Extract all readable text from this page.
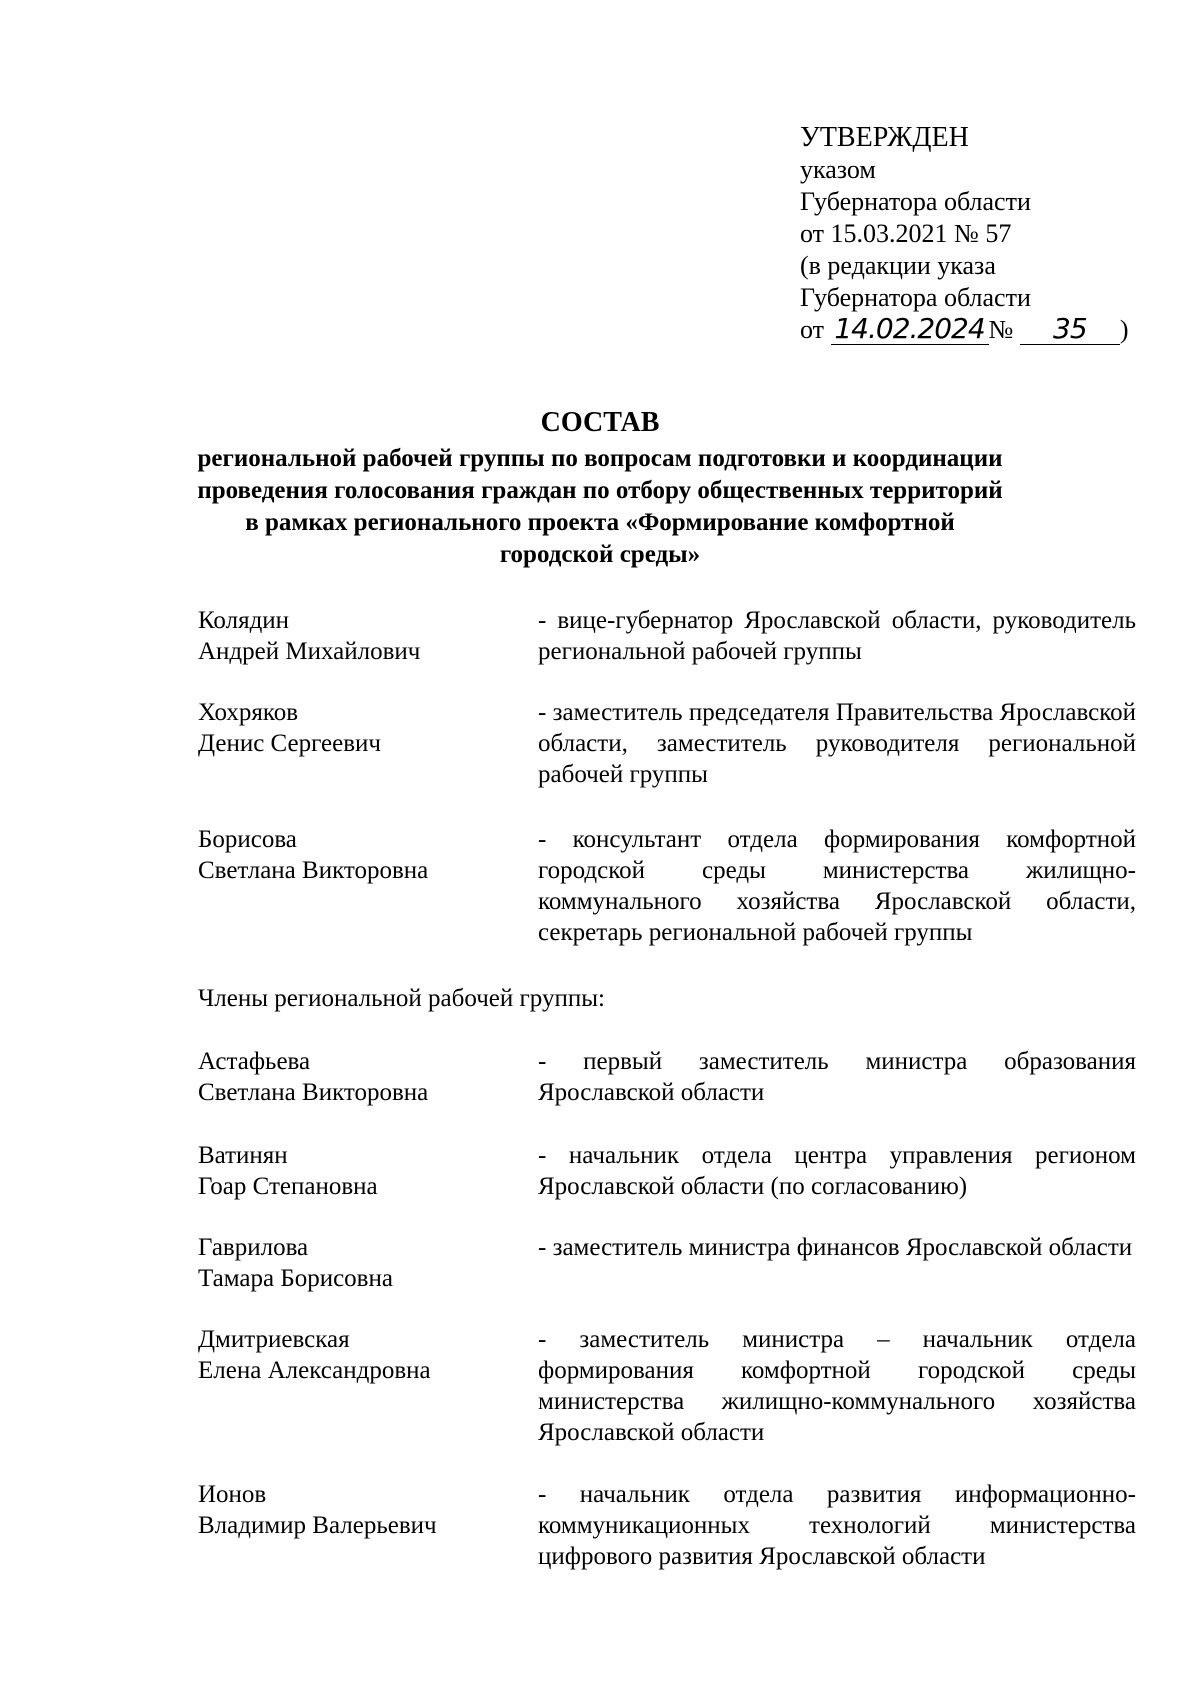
УТВЕРЖДЕН
указом
Губернатора области
от 15.03.2021 № 57
(в редакции указа
Губернатора области
от 14.02.2024 № 35 )
СОСТАВ
региональной рабочей группы по вопросам подготовки и координации
проведения голосования граждан по отбору общественных территорий
в рамках регионального проекта «Формирование комфортной
городской среды»
Колядин
Андрей Михайлович
- вице-губернатор Ярославской области, руководитель региональной рабочей группы
Хохряков
Денис Сергеевич
- заместитель председателя Правительства Ярославской области, заместитель руководителя региональной рабочей группы
Борисова
Светлана Викторовна
- консультант отдела формирования комфортной городской среды министерства жилищно-коммунального хозяйства Ярославской области, секретарь региональной рабочей группы
Члены региональной рабочей группы:
Астафьева
Светлана Викторовна
- первый заместитель министра образования Ярославской области
Ватинян
Гоар Степановна
- начальник отдела центра управления регионом Ярославской области (по согласованию)
Гаврилова
Тамара Борисовна
- заместитель министра финансов Ярославской области
Дмитриевская
Елена Александровна
- заместитель министра – начальник отдела формирования комфортной городской среды министерства жилищно-коммунального хозяйства Ярославской области
Ионов
Владимир Валерьевич
- начальник отдела развития информационно-коммуникационных технологий министерства цифрового развития Ярославской области
